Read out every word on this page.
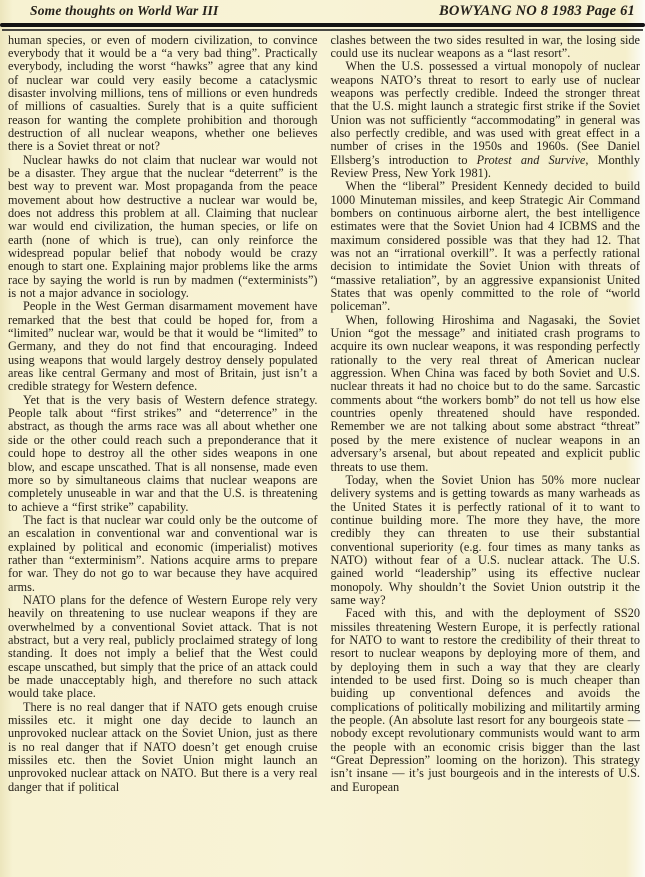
Some thoughts on World War III	BOWYANG NO 8 1983 Page 61

human species, or even of modern civilization, to convince everybody that it would be a “a very bad thing”. Practically everybody, including the worst “hawks” agree that any kind of nuclear war could very easily become a cataclysmic disaster involving millions, tens of millions or even hundreds of millions of casualties. Surely that is a quite sufficient reason for wanting the complete prohibition and thorough destruction of all nuclear weapons, whether one believes there is a Soviet threat or not?

Nuclear hawks do not claim that nuclear war would not be a disaster. They argue that the nuclear “deterrent” is the best way to prevent war. Most propaganda from the peace movement about how destructive a nuclear war would be, does not address this problem at all. Claiming that nuclear war would end civilization, the human species, or life on earth (none of which is true), can only reinforce the widespread popular belief that nobody would be crazy enough to start one. Explaining major problems like the arms race by saying the world is run by madmen (“exterminists”) is not a major advance in sociology.

People in the West German disarmament movement have remarked that the best that could be hoped for, from a “limited” nuclear war, would be that it would be “limited” to Germany, and they do not find that encouraging. Indeed using weapons that would largely destroy densely populated areas like central Germany and most of Britain, just isn’t a credible strategy for Western defence.

Yet that is the very basis of Western defence strategy. People talk about “first strikes” and “deterrence” in the abstract, as though the arms race was all about whether one side or the other could reach such a preponderance that it could hope to destroy all the other sides weapons in one blow, and escape unscathed. That is all nonsense, made even more so by simultaneous claims that nuclear weapons are completely unuseable in war and that the U.S. is threatening to achieve a “first strike” capability.

The fact is that nuclear war could only be the outcome of an escalation in conventional war and conventional war is explained by political and economic (imperialist) motives rather than “exterminism”. Nations acquire arms to prepare for war. They do not go to war because they have acquired arms.

NATO plans for the defence of Western Europe rely very heavily on threatening to use nuclear weapons if they are overwhelmed by a conventional Soviet attack. That is not abstract, but a very real, publicly proclaimed strategy of long standing. It does not imply a belief that the West could escape unscathed, but simply that the price of an attack could be made unacceptably high, and therefore no such attack would take place.

There is no real danger that if NATO gets enough cruise missiles etc. it might one day decide to launch an unprovoked nuclear attack on the Soviet Union, just as there is no real danger that if NATO doesn’t get enough cruise missiles etc. then the Soviet Union might launch an unprovoked nuclear attack on NATO. But there is a very real danger that if political

clashes between the two sides resulted in war, the losing side could use its nuclear weapons as a “last resort”.

When the U.S. possessed a virtual monopoly of nuclear weapons NATO’s threat to resort to early use of nuclear weapons was perfectly credible. Indeed the stronger threat that the U.S. might launch a strategic first strike if the Soviet Union was not sufficiently “accommodating” in general was also perfectly credible, and was used with great effect in a number of crises in the 1950s and 1960s. (See Daniel Ellsberg’s introduction to Protest and Survive, Monthly Review Press, New York 1981).

When the “liberal” President Kennedy decided to build 1000 Minuteman missiles, and keep Strategic Air Command bombers on continuous airborne alert, the best intelligence estimates were that the Soviet Union had 4 ICBMS and the maximum considered possible was that they had 12. That was not an “irrational overkill”. It was a perfectly rational decision to intimidate the Soviet Union with threats of “massive retaliation”, by an aggressive expansionist United States that was openly committed to the role of “world policeman”.

When, following Hiroshima and Nagasaki, the Soviet Union “got the message” and initiated crash programs to acquire its own nuclear weapons, it was responding perfectly rationally to the very real threat of American nuclear aggression. When China was faced by both Soviet and U.S. nuclear threats it had no choice but to do the same. Sarcastic comments about “the workers bomb” do not tell us how else countries openly threatened should have responded. Remember we are not talking about some abstract “threat” posed by the mere existence of nuclear weapons in an adversary’s arsenal, but about repeated and explicit public threats to use them.

Today, when the Soviet Union has 50% more nuclear delivery systems and is getting towards as many warheads as the United States it is perfectly rational of it to want to continue building more. The more they have, the more credibly they can threaten to use their substantial conventional superiority (e.g. four times as many tanks as NATO) without fear of a U.S. nuclear attack. The U.S. gained world “leadership” using its effective nuclear monopoly. Why shouldn’t the Soviet Union outstrip it the same way?

Faced with this, and with the deployment of SS20 missiles threatening Western Europe, it is perfectly rational for NATO to want to restore the credibility of their threat to resort to nuclear weapons by deploying more of them, and by deploying them in such a way that they are clearly intended to be used first. Doing so is much cheaper than buiding up conventional defences and avoids the complications of politically mobilizing and militartily arming the people. (An absolute last resort for any bourgeois state — nobody except revolutionary communists would want to arm the people with an economic crisis bigger than the last “Great Depression” looming on the horizon). This strategy isn’t insane — it’s just bourgeois and in the interests of U.S. and European
